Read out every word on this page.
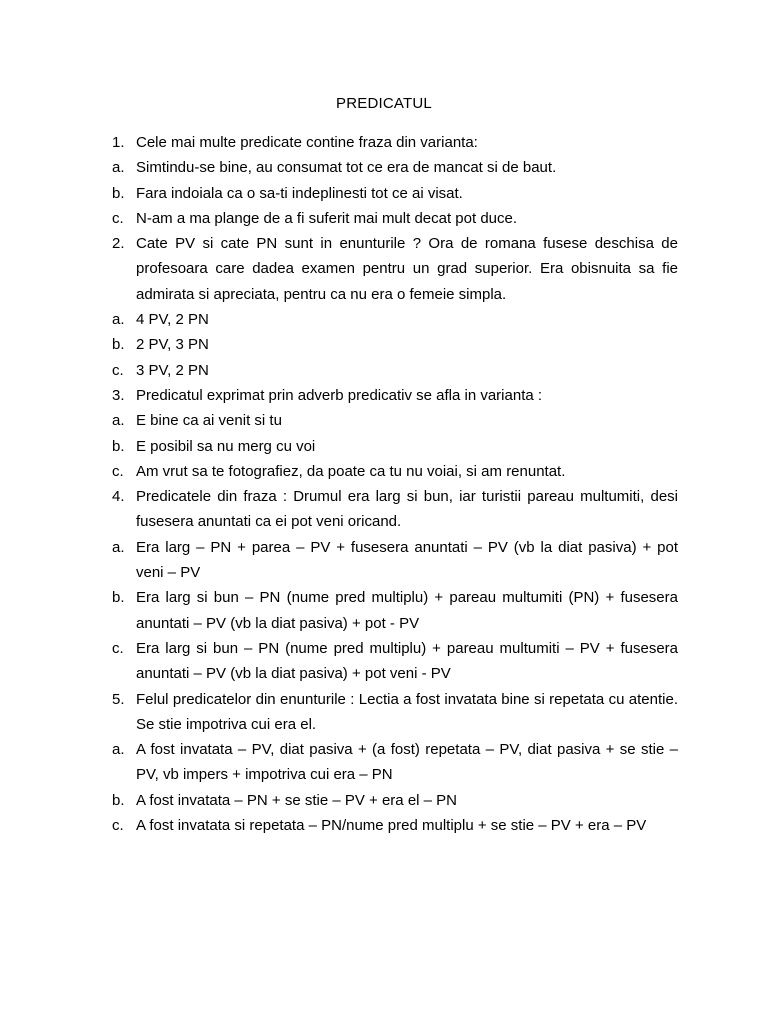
PREDICATUL
1. Cele mai multe predicate contine fraza din varianta:
a. Simtindu-se bine, au consumat tot ce era de mancat si de baut.
b. Fara indoiala ca o sa-ti indeplinesti tot ce ai visat.
c. N-am a ma plange de a fi suferit mai mult decat pot duce.
2. Cate PV si cate PN sunt in enunturile ? Ora de romana fusese deschisa de profesoara care dadea examen pentru un grad superior. Era obisnuita sa fie admirata si apreciata, pentru ca nu era o femeie simpla.
a. 4 PV, 2 PN
b. 2 PV, 3 PN
c. 3 PV, 2 PN
3. Predicatul exprimat prin adverb predicativ se afla in varianta :
a. E bine ca ai venit si tu
b. E posibil sa nu merg cu voi
c. Am vrut sa te fotografiez, da poate ca tu nu voiai, si am renuntat.
4. Predicatele din fraza : Drumul era larg si bun, iar turistii pareau multumiti, desi fusesera anuntati ca ei pot veni oricand.
a. Era larg – PN + parea – PV + fusesera anuntati – PV (vb la diat pasiva) + pot veni – PV
b. Era larg si bun – PN (nume pred multiplu) + pareau multumiti (PN) + fusesera anuntati – PV (vb la diat pasiva) + pot - PV
c. Era larg si bun – PN (nume pred multiplu) + pareau multumiti – PV + fusesera anuntati – PV (vb la diat pasiva) + pot veni - PV
5. Felul predicatelor din enunturile : Lectia a fost invatata bine si repetata cu atentie. Se stie impotriva cui era el.
a. A fost invatata – PV, diat pasiva + (a fost) repetata – PV, diat pasiva + se stie – PV, vb impers + impotriva cui era – PN
b. A fost invatata – PN + se stie – PV + era el – PN
c. A fost invatata si repetata – PN/nume pred multiplu + se stie – PV + era – PV
